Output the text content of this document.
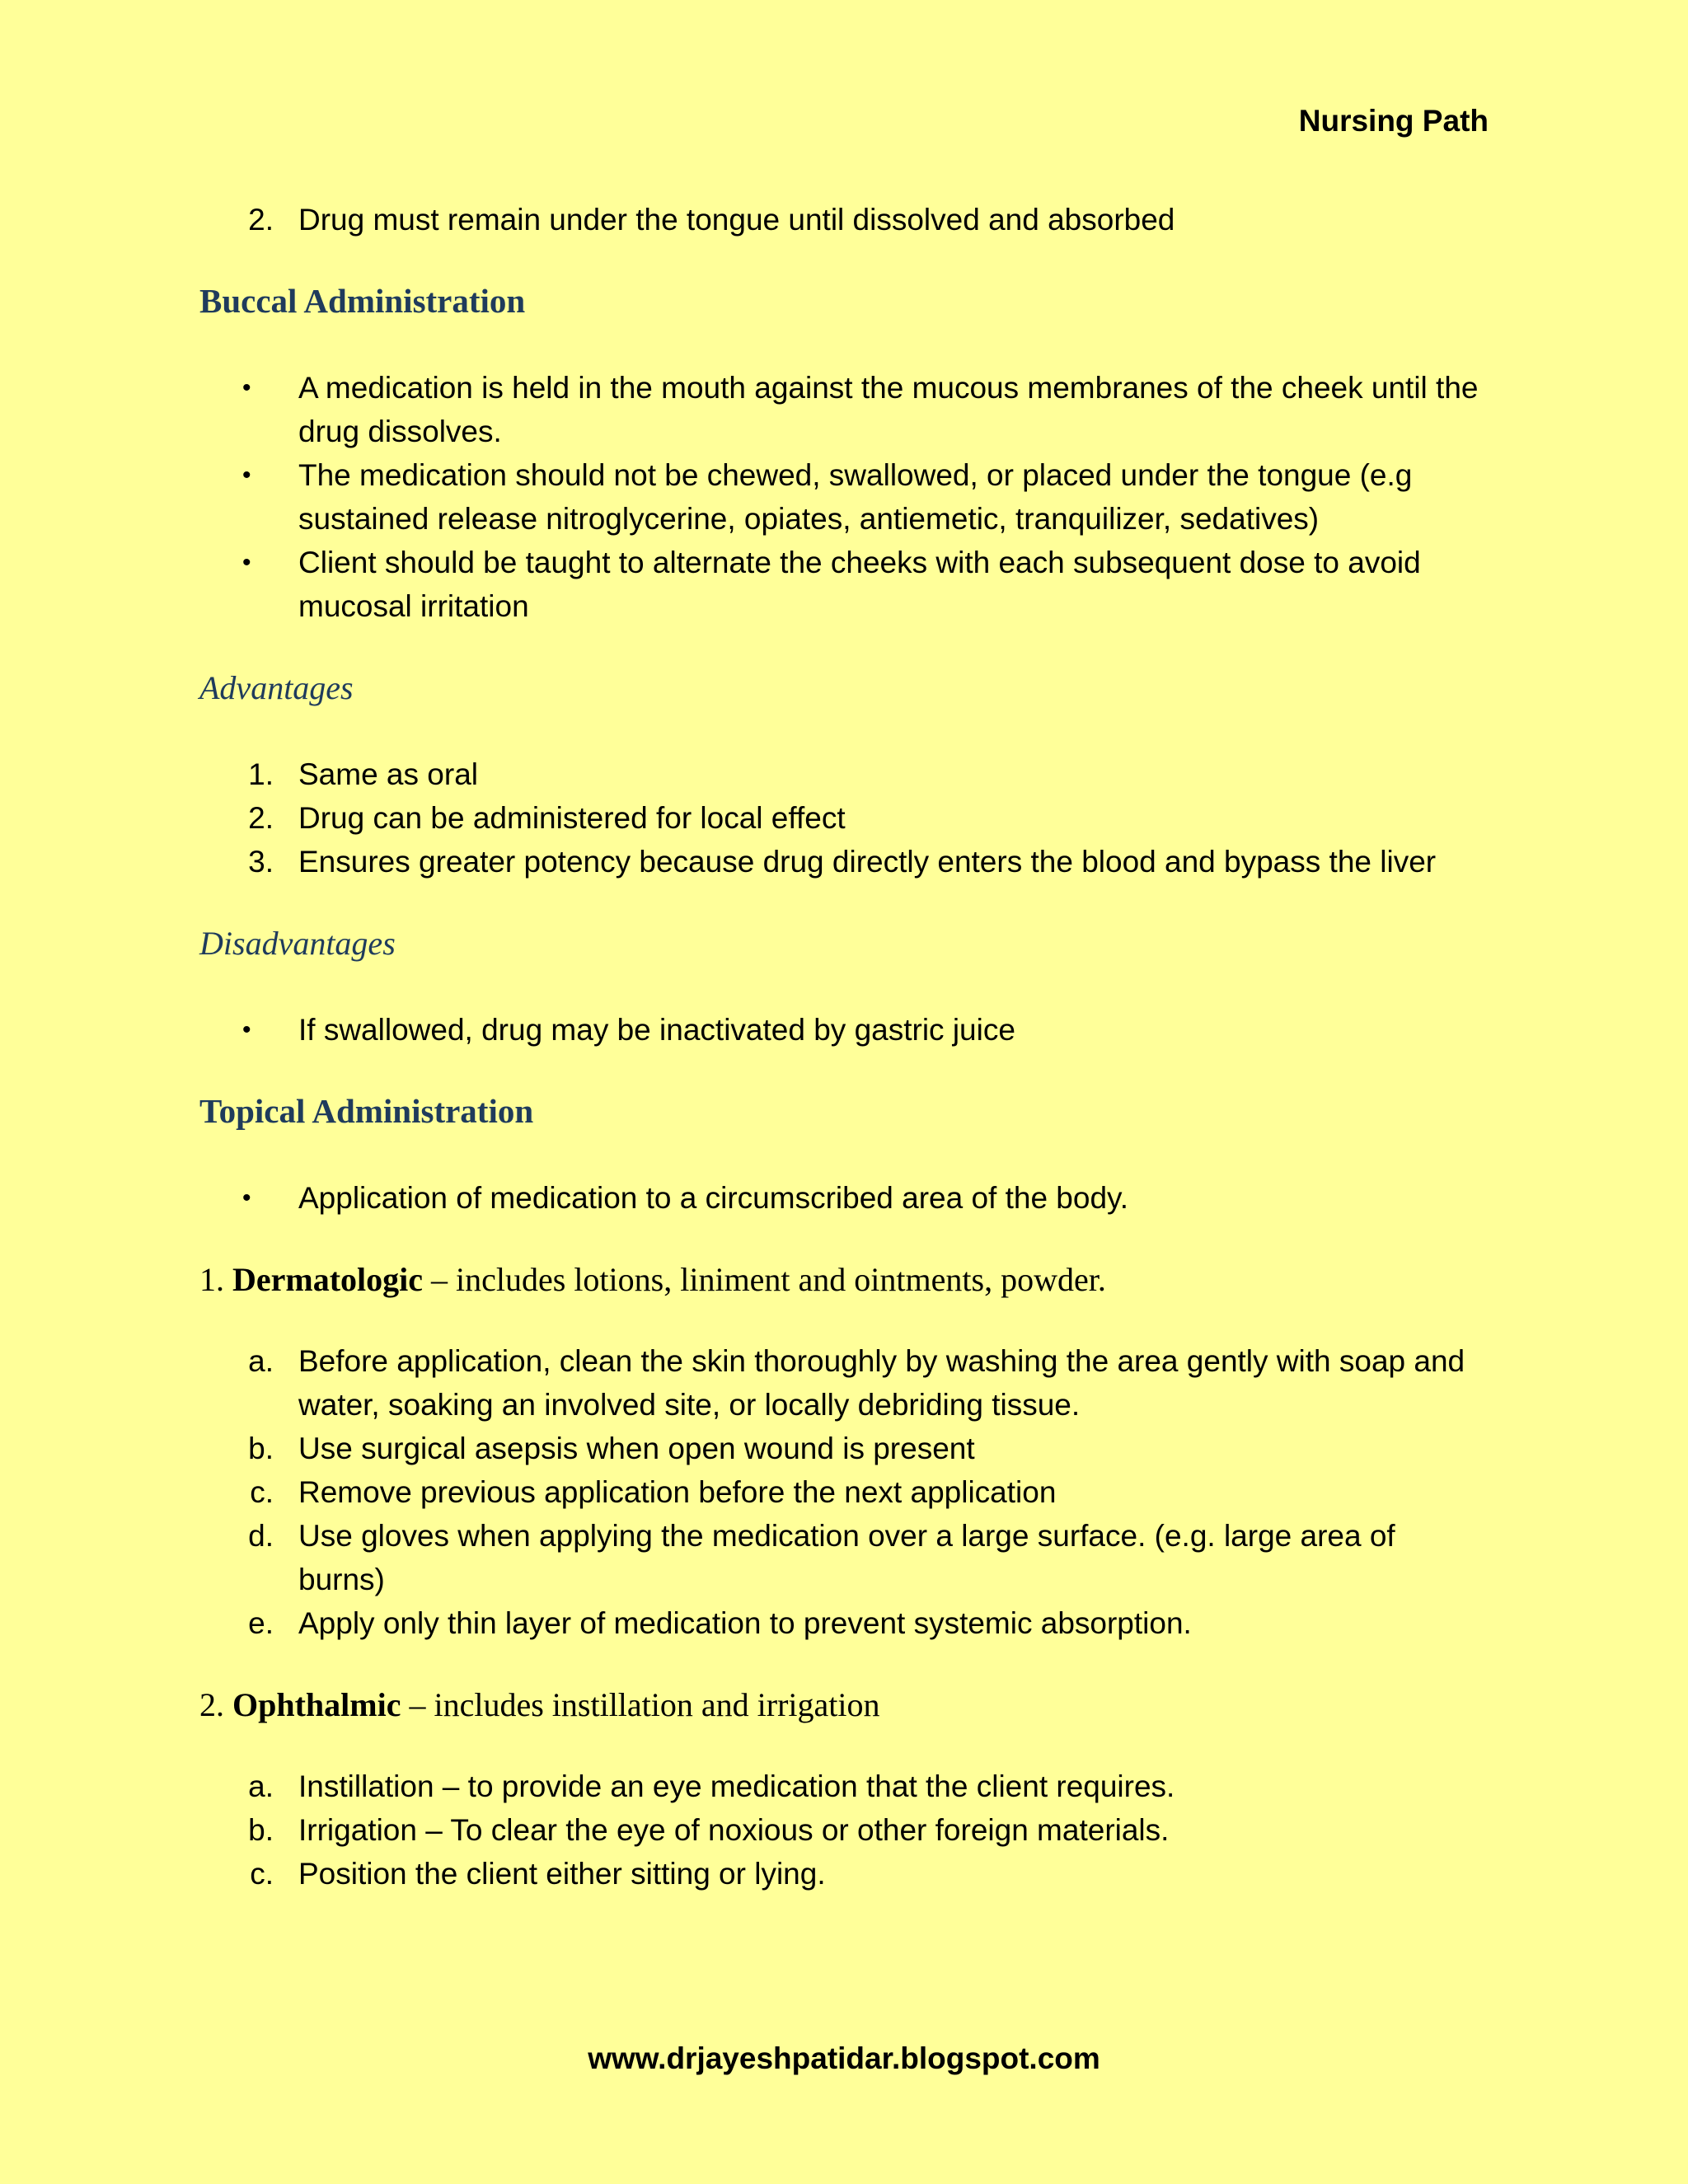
Nursing Path
2. Drug must remain under the tongue until dissolved and absorbed
Buccal Administration
• A medication is held in the mouth against the mucous membranes of the cheek until the drug dissolves.
• The medication should not be chewed, swallowed, or placed under the tongue (e.g sustained release nitroglycerine, opiates, antiemetic, tranquilizer, sedatives)
• Client should be taught to alternate the cheeks with each subsequent dose to avoid mucosal irritation
Advantages
1. Same as oral
2. Drug can be administered for local effect
3. Ensures greater potency because drug directly enters the blood and bypass the liver
Disadvantages
• If swallowed, drug may be inactivated by gastric juice
Topical Administration
• Application of medication to a circumscribed area of the body.
1. Dermatologic – includes lotions, liniment and ointments, powder.
a. Before application, clean the skin thoroughly by washing the area gently with soap and water, soaking an involved site, or locally debriding tissue.
b. Use surgical asepsis when open wound is present
c. Remove previous application before the next application
d. Use gloves when applying the medication over a large surface. (e.g. large area of burns)
e. Apply only thin layer of medication to prevent systemic absorption.
2. Ophthalmic – includes instillation and irrigation
a. Instillation – to provide an eye medication that the client requires.
b. Irrigation – To clear the eye of noxious or other foreign materials.
c. Position the client either sitting or lying.
www.drjayeshpatidar.blogspot.com
